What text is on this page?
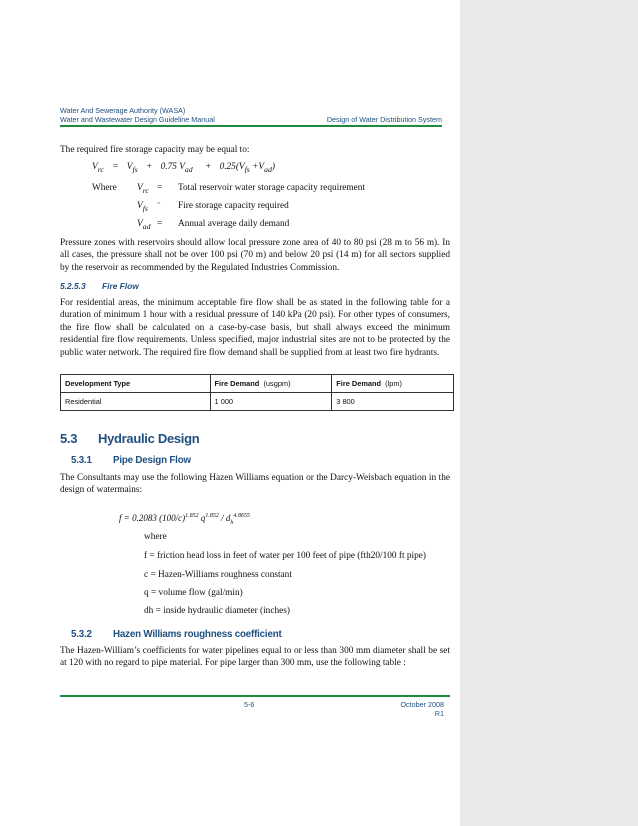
Water And Sewerage Authority (WASA)
Water and Wastewater Design Guideline Manual	Design of Water Distribution System
The required fire storage capacity may be equal to:
$V_{rc} = V_{fs} + 0.75$ $V_{ad} + 0.25(V_{fs} +V_{ad})$
Where $V_{rc}$ = Total reservoir water storage capacity requirement
$V_{fs}$ = Fire storage capacity required
$V_{ad}$ = Annual average daily demand
Pressure zones with reservoirs should allow local pressure zone area of 40 to 80 psi (28 m to 56 m). In all cases, the pressure shall not be over 100 psi (70 m) and below 20 psi (14 m) for all sectors supplied by the reservoir as recommended by the Regulated Industries Commission.
5.2.5.3 Fire Flow
For residential areas, the minimum acceptable fire flow shall be as stated in the following table for a duration of minimum 1 hour with a residual pressure of 140 kPa (20 psi). For other types of consumers, the fire flow shall be calculated on a case-by-case basis, but shall always exceed the minimum residential fire flow requirements. Unless specified, major industrial sites are not to be protected by the public water network. The required fire flow demand shall be supplied from at least two fire hydrants.
Development Type	Fire Demand (usgpm)	Fire Demand (lpm)
Residential	1 000	3 800
5.3 Hydraulic Design
5.3.1 Pipe Design Flow
The Consultants may use the following Hazen Williams equation or the Darcy-Weisbach equation in the design of watermains:
f = 0.2083 $(100/c)^{1.852}$ $q^{1.852} / d_h^{4.8655}$
where
f = friction head loss in feet of water per 100 feet of pipe (fth20/100 ft pipe)
c = Hazen-Williams roughness constant
q = volume flow (gal/min)
dh = inside hydraulic diameter (inches)
5.3.2 Hazen Williams roughness coefficient
The Hazen-William’s coefficients for water pipelines equal to or less than 300 mm diameter shall be set at 120 with no regard to pipe material. For pipe larger than 300 mm, use the following table :
5-6	October 2008
R1
